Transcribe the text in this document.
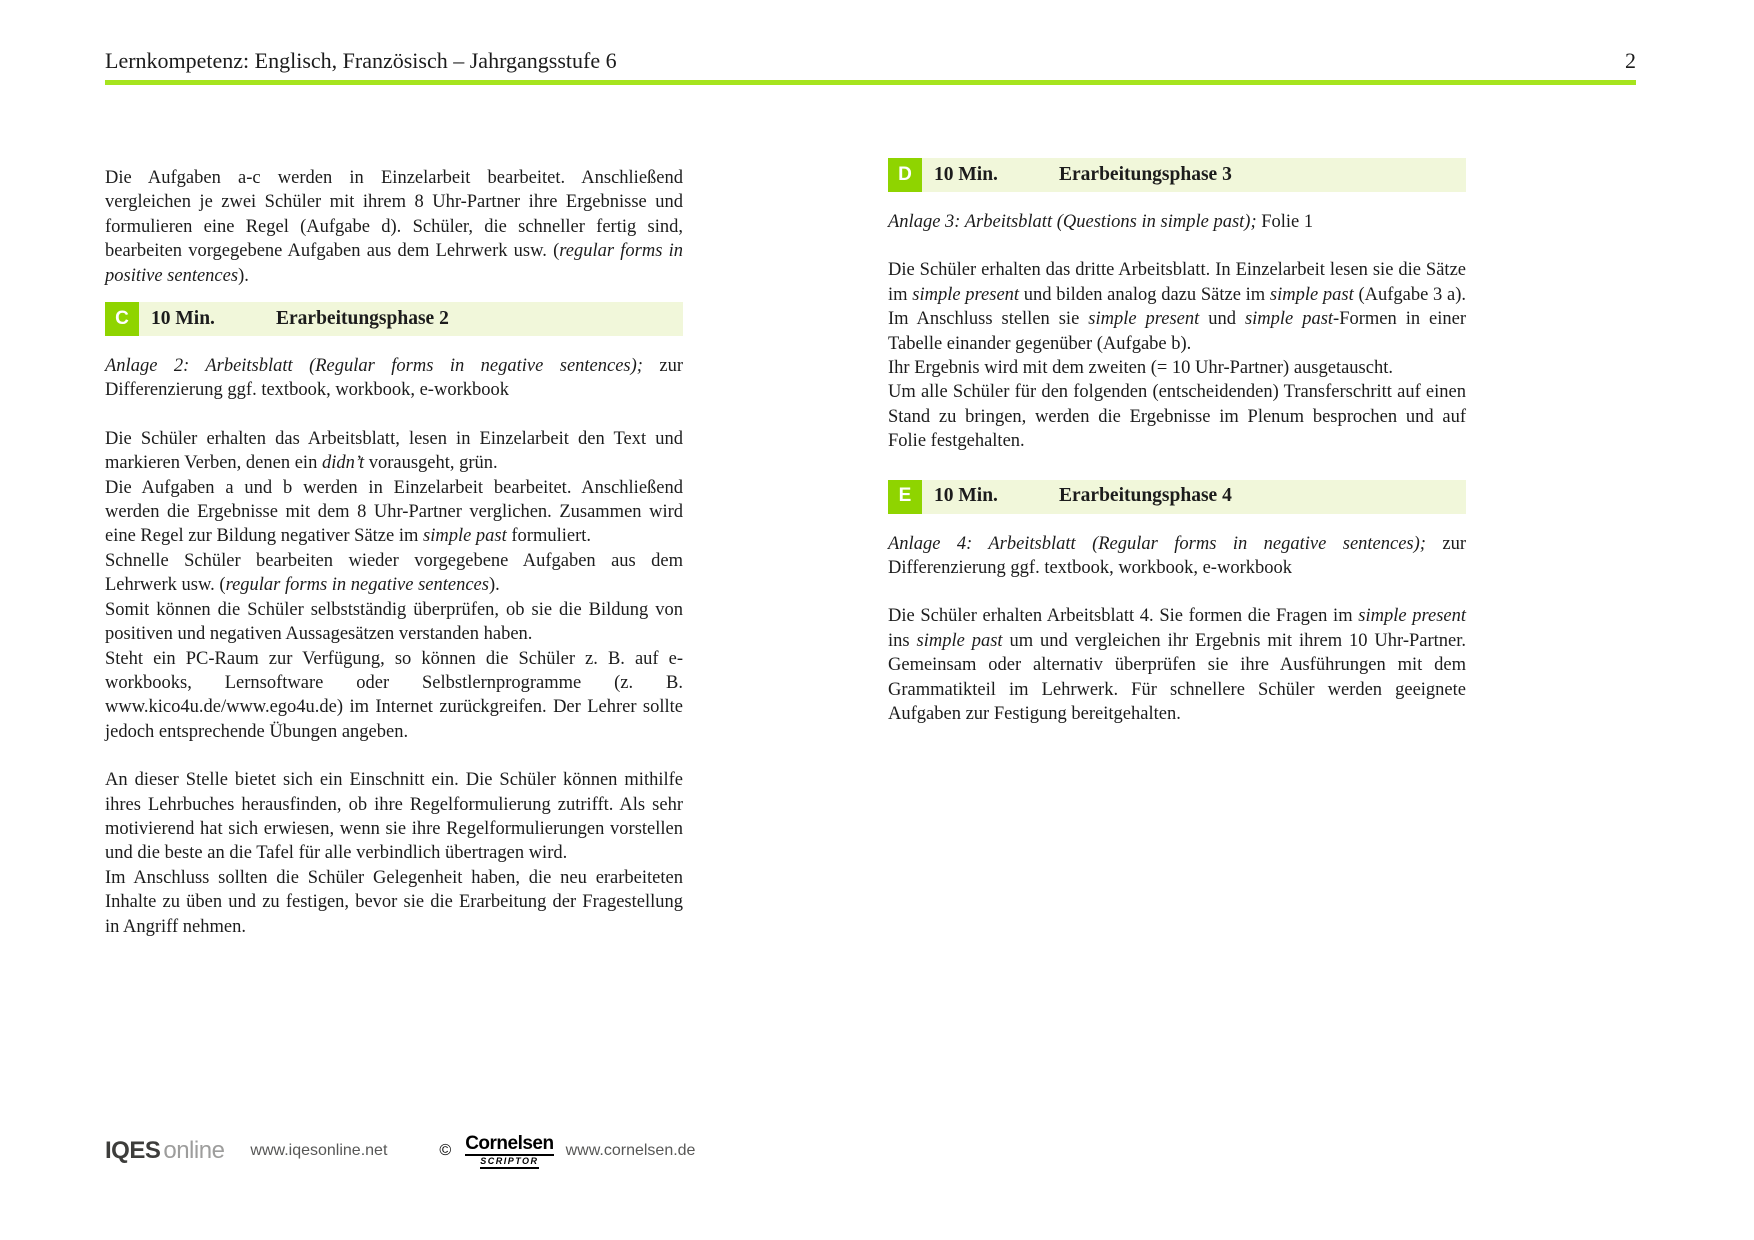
Lernkompetenz: Englisch, Französisch – Jahrgangsstufe 6	2

Die Aufgaben a-c werden in Einzelarbeit bearbeitet. Anschließend vergleichen je zwei Schüler mit ihrem 8 Uhr-Partner ihre Ergebnisse und formulieren eine Regel (Aufgabe d). Schüler, die schneller fertig sind, bearbeiten vorgegebene Aufgaben aus dem Lehrwerk usw. (regular forms in positive sentences).

C	10 Min.	Erarbeitungsphase 2

Anlage 2: Arbeitsblatt (Regular forms in negative sentences); zur Differenzierung ggf. textbook, workbook, e-workbook

Die Schüler erhalten das Arbeitsblatt, lesen in Einzelarbeit den Text und markieren Verben, denen ein didn’t vorausgeht, grün.

Die Aufgaben a und b werden in Einzelarbeit bearbeitet. Anschließend werden die Ergebnisse mit dem 8 Uhr-Partner verglichen. Zusammen wird eine Regel zur Bildung negativer Sätze im simple past formuliert.

Schnelle Schüler bearbeiten wieder vorgegebene Aufgaben aus dem Lehrwerk usw. (regular forms in negative sentences).

Somit können die Schüler selbstständig überprüfen, ob sie die Bildung von positiven und negativen Aussagesätzen verstanden haben.

Steht ein PC-Raum zur Verfügung, so können die Schüler z. B. auf e-workbooks, Lernsoftware oder Selbstlernprogramme (z. B. www.kico4u.de/www.ego4u.de) im Internet zurückgreifen. Der Lehrer sollte jedoch entsprechende Übungen angeben.

An dieser Stelle bietet sich ein Einschnitt ein. Die Schüler können mithilfe ihres Lehrbuches herausfinden, ob ihre Regelformulierung zutrifft. Als sehr motivierend hat sich erwiesen, wenn sie ihre Regelformulierungen vorstellen und die beste an die Tafel für alle verbindlich übertragen wird.

Im Anschluss sollten die Schüler Gelegenheit haben, die neu erarbeiteten Inhalte zu üben und zu festigen, bevor sie die Erarbeitung der Fragestellung in Angriff nehmen.

D	10 Min.	Erarbeitungsphase 3

Anlage 3: Arbeitsblatt (Questions in simple past); Folie 1

Die Schüler erhalten das dritte Arbeitsblatt. In Einzelarbeit lesen sie die Sätze im simple present und bilden analog dazu Sätze im simple past (Aufgabe 3 a). Im Anschluss stellen sie simple present und simple past-Formen in einer Tabelle einander gegenüber (Aufgabe b).

Ihr Ergebnis wird mit dem zweiten (= 10 Uhr-Partner) ausgetauscht.

Um alle Schüler für den folgenden (entscheidenden) Transferschritt auf einen Stand zu bringen, werden die Ergebnisse im Plenum besprochen und auf Folie festgehalten.

E	10 Min.	Erarbeitungsphase 4

Anlage 4: Arbeitsblatt (Regular forms in negative sentences); zur Differenzierung ggf. textbook, workbook, e-workbook

Die Schüler erhalten Arbeitsblatt 4. Sie formen die Fragen im simple present ins simple past um und vergleichen ihr Ergebnis mit ihrem 10 Uhr-Partner. Gemeinsam oder alternativ überprüfen sie ihre Ausführungen mit dem Grammatikteil im Lehrwerk. Für schnellere Schüler werden geeignete Aufgaben zur Festigung bereitgehalten.

IQES online www.iqesonline.net	© Cornelsen
SCRIPTOR
www.cornelsen.de
